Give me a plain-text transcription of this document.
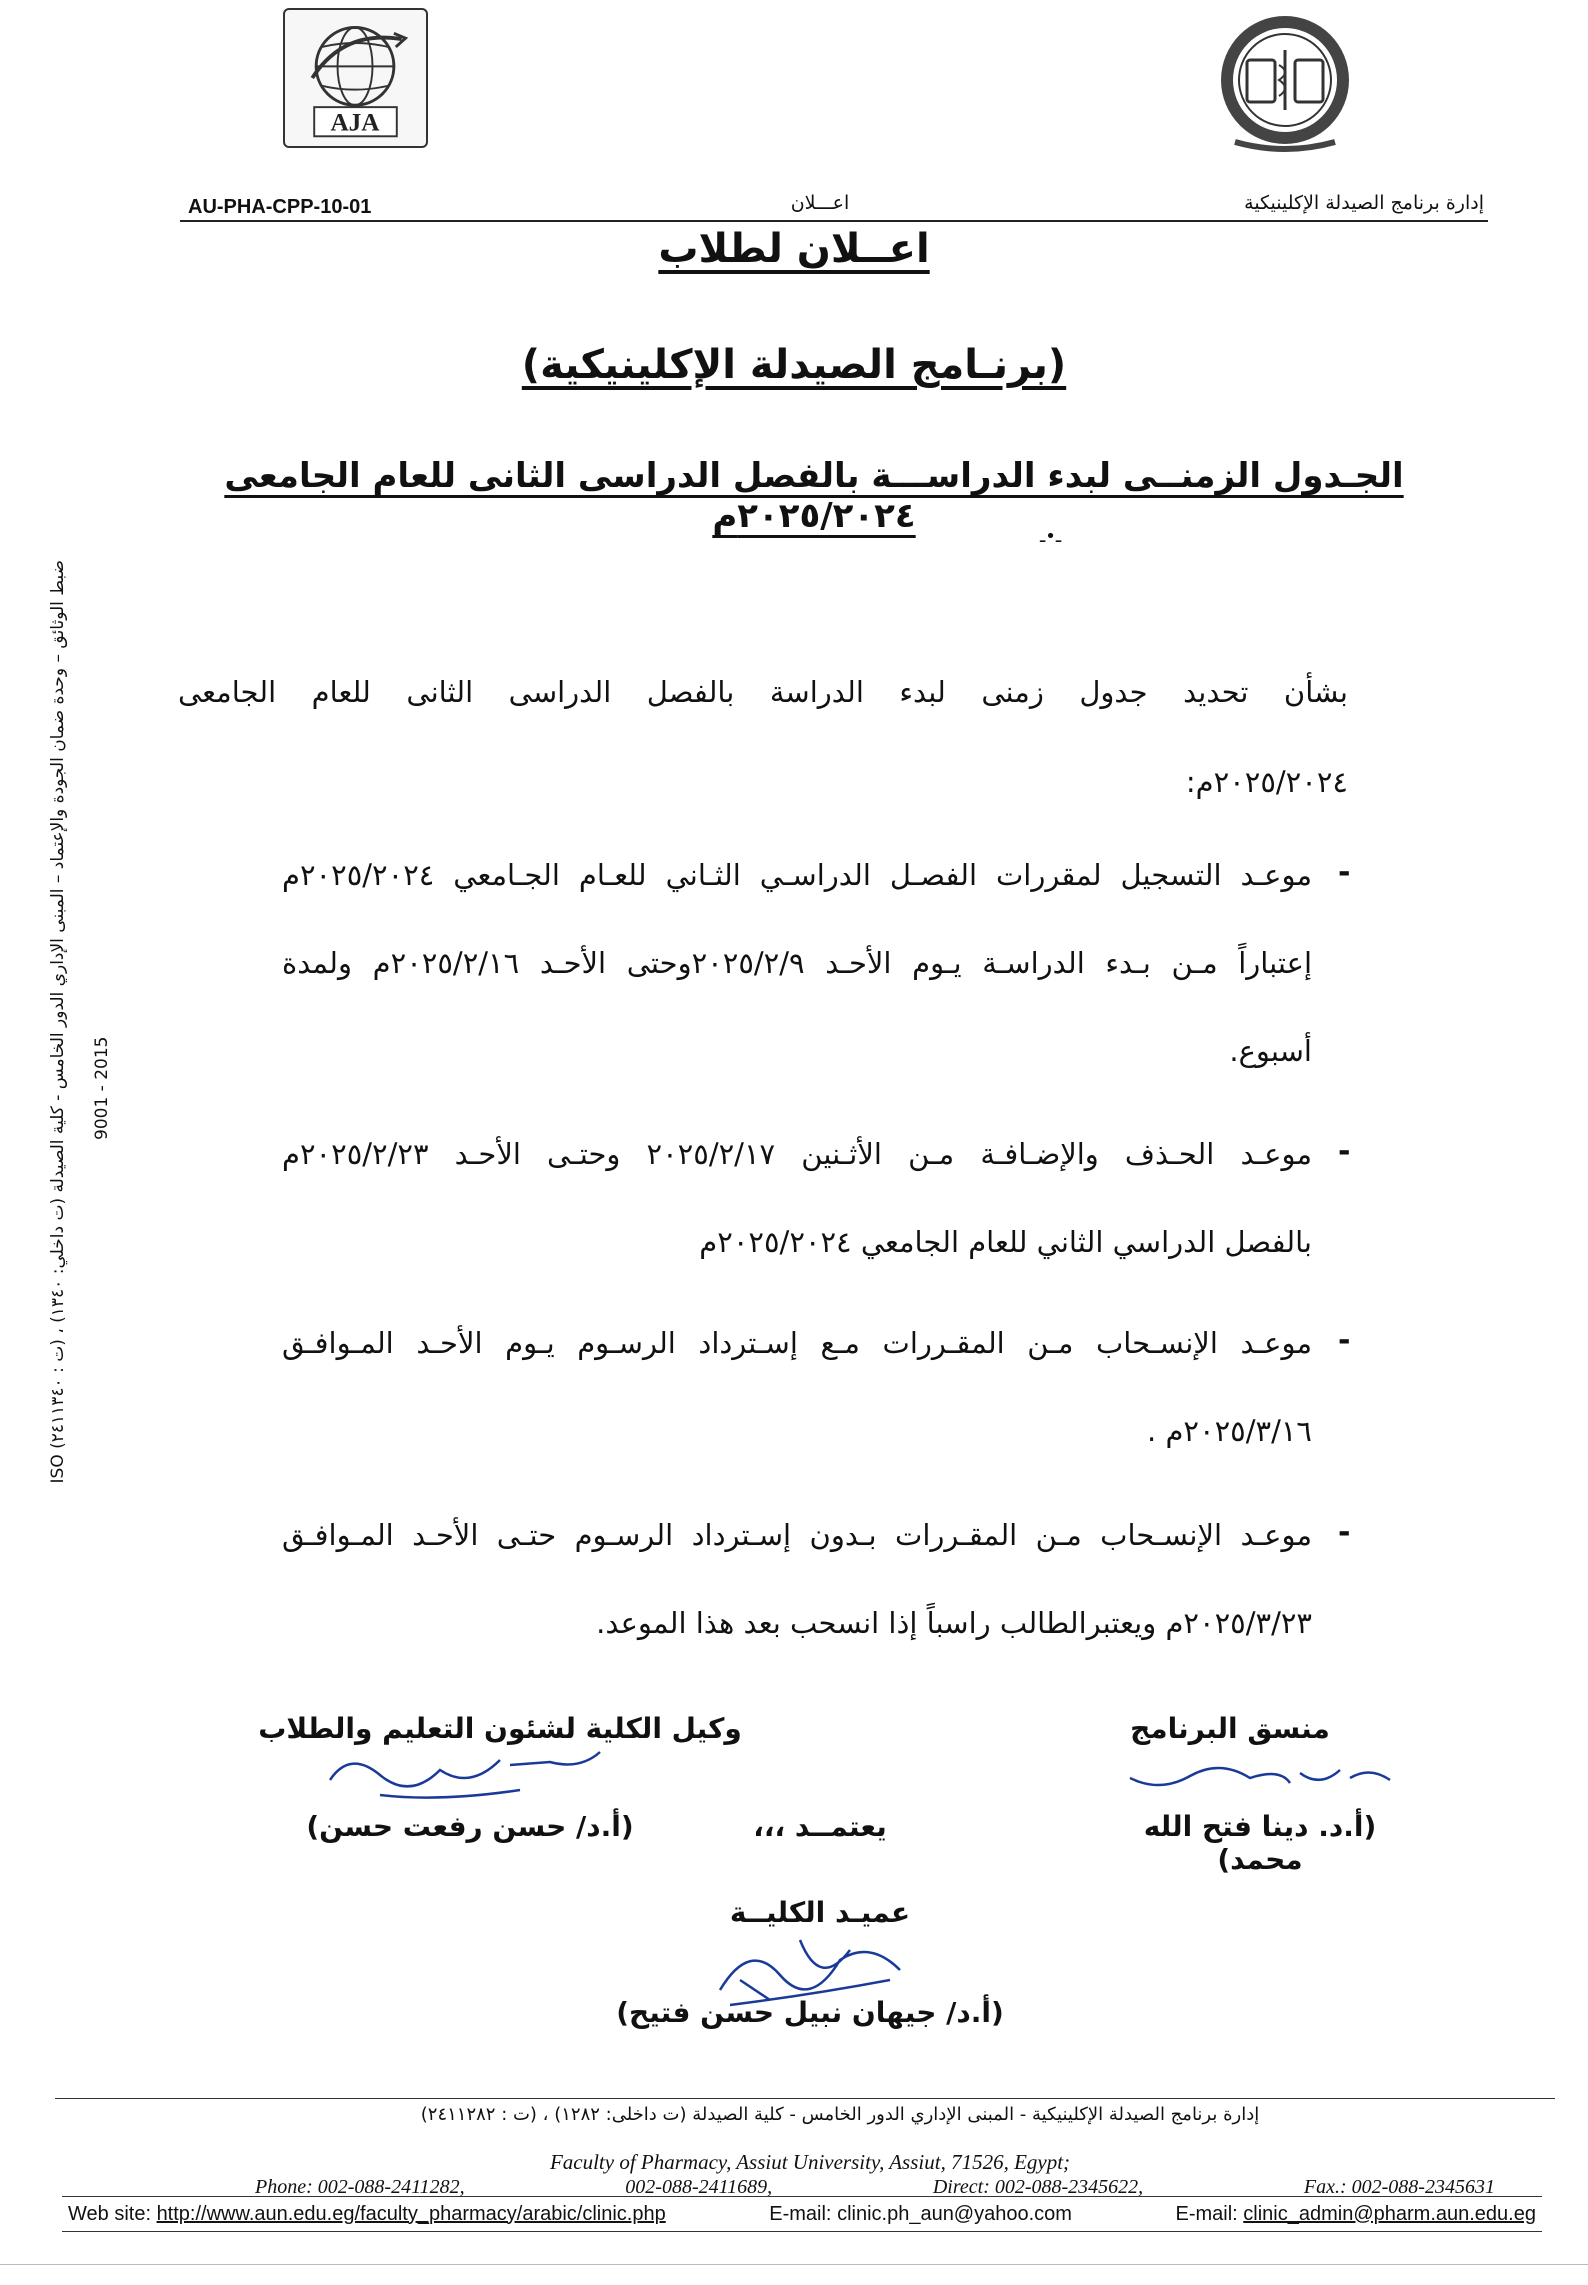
AJA
AU-PHA-CPP-10-01	اعـــلان	إدارة برنامج الصيدلة الإكلينيكية
اعــلان لطلاب
(برنـامج الصيدلة الإكلينيكية)
الجـدول الزمنــى لبدء الدراســـة بالفصل الدراسى الثانى للعام الجامعى ٢٠٢٥/٢٠٢٤م
ـ•ـ
بشأن تحديد جدول زمنى لبدء الدراسة بالفصل الدراسى الثانى للعام الجامعى
٢٠٢٥/٢٠٢٤م:
-
موعـد التسجيل لمقررات الفصـل الدراسـي الثـاني للعـام الجـامعي ٢٠٢٥/٢٠٢٤م
إعتباراً مـن بـدء الدراسـة يـوم الأحـد ٢٠٢٥/٢/٩وحتى الأحـد ٢٠٢٥/٢/١٦م ولمدة
أسبوع.
-
موعـد الحـذف والإضـافـة مـن الأثـنين ٢٠٢٥/٢/١٧ وحتـى الأحـد ٢٠٢٥/٢/٢٣م
بالفصل الدراسي الثاني للعام الجامعي ٢٠٢٥/٢٠٢٤م
-
موعـد الإنسـحاب مـن المقـررات مـع إسـترداد الرسـوم يـوم الأحـد المـوافـق
٢٠٢٥/٣/١٦م .
-
موعـد الإنسـحاب مـن المقـررات بـدون إسـترداد الرسـوم حتـى الأحـد المـوافـق
٢٠٢٥/٣/٢٣م ويعتبرالطالب راسباً إذا انسحب بعد هذا الموعد.
منسق البرنامج
وكيل الكلية لشئون التعليم والطلاب
(أ.د. دينا فتح الله محمد)
يعتمــد ،،،
(أ.د/ حسن رفعت حسن)
عميـد الكليــة
(أ.د/ جيهان نبيل حسن فتيح)
ضبط الوثائق – وحدة ضمان الجودة والإعتماد – المبنى الإداري الدور الخامس - كلية الصيدلة (ت داخلي: ١٣٤٠) ، (ت : ٢٤١١٣٤٠) ISO 9001 - 2015
إدارة برنامج الصيدلة الإكلينيكية - المبنى الإداري الدور الخامس - كلية الصيدلة (ت داخلى: ١٢٨٢) ، (ت : ٢٤١١٢٨٢)
Faculty of Pharmacy, Assiut University, Assiut, 71526, Egypt;
Phone: 002-088-2411282,	002-088-2411689,	Direct: 002-088-2345622,	Fax.: 002-088-2345631
Web site: http://www.aun.edu.eg/faculty_pharmacy/arabic/clinic.php	E-mail: clinic.ph_aun@yahoo.com	E-mail: clinic_admin@pharm.aun.edu.eg
